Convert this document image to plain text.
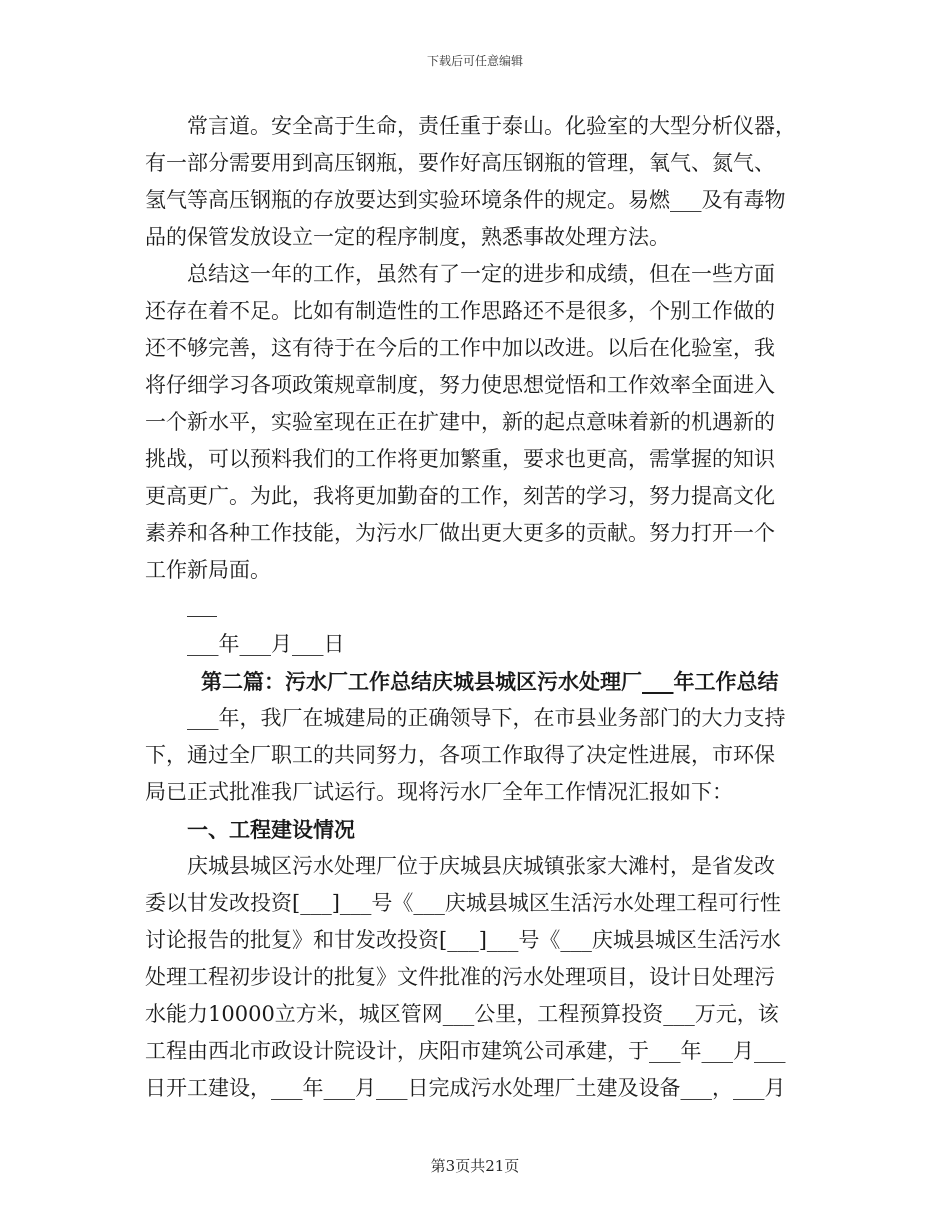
下载后可任意编辑
常言道。安全高于生命，责任重于泰山。化验室的大型分析仪器，
有一部分需要用到高压钢瓶，要作好高压钢瓶的管理，氧气、氮气、
氢气等高压钢瓶的存放要达到实验环境条件的规定。易燃___及有毒物
品的保管发放设立一定的程序制度，熟悉事故处理方法。
总结这一年的工作，虽然有了一定的进步和成绩，但在一些方面
还存在着不足。比如有制造性的工作思路还不是很多，个别工作做的
还不够完善，这有待于在今后的工作中加以改进。以后在化验室，我
将仔细学习各项政策规章制度，努力使思想觉悟和工作效率全面进入
一个新水平，实验室现在正在扩建中，新的起点意味着新的机遇新的
挑战，可以预料我们的工作将更加繁重，要求也更高，需掌握的知识
更高更广。为此，我将更加勤奋的工作，刻苦的学习，努力提高文化
素养和各种工作技能，为污水厂做出更大更多的贡献。努力打开一个
工作新局面。
___年___月___日
第二篇：污水厂工作总结庆城县城区污水处理厂___年工作总结
___年，我厂在城建局的正确领导下，在市县业务部门的大力支持
下，通过全厂职工的共同努力，各项工作取得了决定性进展，市环保
局已正式批准我厂试运行。现将污水厂全年工作情况汇报如下：
一、工程建设情况
庆城县城区污水处理厂位于庆城县庆城镇张家大滩村，是省发改
委以甘发改投资[___]___号《___庆城县城区生活污水处理工程可行性
讨论报告的批复》和甘发改投资[___]___号《___庆城县城区生活污水
处理工程初步设计的批复》文件批准的污水处理项目，设计日处理污
水能力10000立方米，城区管网___公里，工程预算投资___万元，该
工程由西北市政设计院设计，庆阳市建筑公司承建，于___年___月___
日开工建设，___年___月___日完成污水处理厂土建及设备___，___月
第3页共21页
